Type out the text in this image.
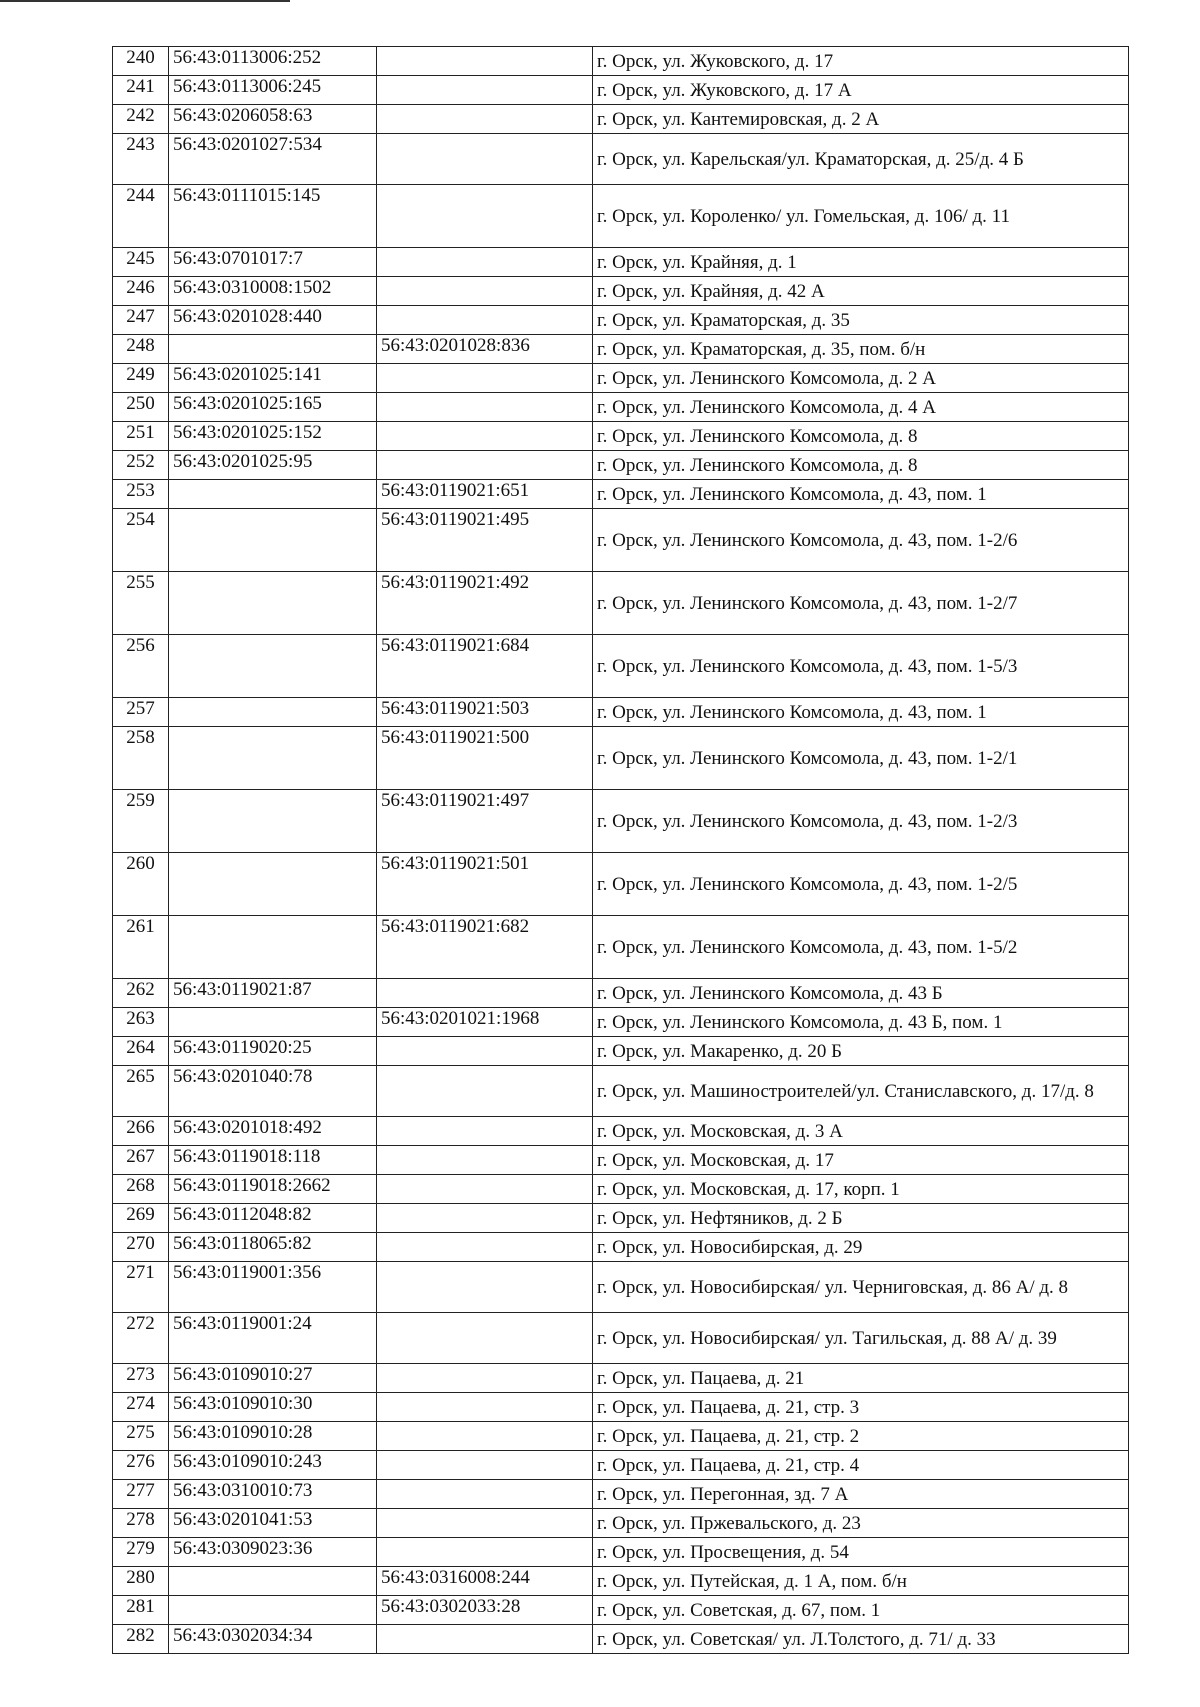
240	56:43:0113006:252		г. Орск, ул. Жуковского, д. 17
241	56:43:0113006:245		г. Орск, ул. Жуковского, д. 17 А
242	56:43:0206058:63		г. Орск, ул. Кантемировская, д. 2 А
243	56:43:0201027:534		г. Орск, ул. Карельская/ул. Краматорская, д. 25/д. 4 Б
244	56:43:0111015:145		г. Орск, ул. Короленко/ ул. Гомельская, д. 106/ д. 11
245	56:43:0701017:7		г. Орск, ул. Крайняя, д. 1
246	56:43:0310008:1502		г. Орск, ул. Крайняя, д. 42 А
247	56:43:0201028:440		г. Орск, ул. Краматорская, д. 35
248		56:43:0201028:836	г. Орск, ул. Краматорская, д. 35, пом. б/н
249	56:43:0201025:141		г. Орск, ул. Ленинского Комсомола, д. 2 А
250	56:43:0201025:165		г. Орск, ул. Ленинского Комсомола, д. 4 А
251	56:43:0201025:152		г. Орск, ул. Ленинского Комсомола, д. 8
252	56:43:0201025:95		г. Орск, ул. Ленинского Комсомола, д. 8
253		56:43:0119021:651	г. Орск, ул. Ленинского Комсомола, д. 43, пом. 1
254		56:43:0119021:495	г. Орск, ул. Ленинского Комсомола, д. 43, пом. 1-2/6
255		56:43:0119021:492	г. Орск, ул. Ленинского Комсомола, д. 43, пом. 1-2/7
256		56:43:0119021:684	г. Орск, ул. Ленинского Комсомола, д. 43, пом. 1-5/3
257		56:43:0119021:503	г. Орск, ул. Ленинского Комсомола, д. 43, пом. 1
258		56:43:0119021:500	г. Орск, ул. Ленинского Комсомола, д. 43, пом. 1-2/1
259		56:43:0119021:497	г. Орск, ул. Ленинского Комсомола, д. 43, пом. 1-2/3
260		56:43:0119021:501	г. Орск, ул. Ленинского Комсомола, д. 43, пом. 1-2/5
261		56:43:0119021:682	г. Орск, ул. Ленинского Комсомола, д. 43, пом. 1-5/2
262	56:43:0119021:87		г. Орск, ул. Ленинского Комсомола, д. 43 Б
263		56:43:0201021:1968	г. Орск, ул. Ленинского Комсомола, д. 43 Б, пом. 1
264	56:43:0119020:25		г. Орск, ул. Макаренко, д. 20 Б
265	56:43:0201040:78		г. Орск, ул. Машиностроителей/ул. Станиславского, д. 17/д. 8
266	56:43:0201018:492		г. Орск, ул. Московская, д. 3 А
267	56:43:0119018:118		г. Орск, ул. Московская, д. 17
268	56:43:0119018:2662		г. Орск, ул. Московская, д. 17, корп. 1
269	56:43:0112048:82		г. Орск, ул. Нефтяников, д. 2 Б
270	56:43:0118065:82		г. Орск, ул. Новосибирская, д. 29
271	56:43:0119001:356		г. Орск, ул. Новосибирская/ ул. Черниговская, д. 86 А/ д. 8
272	56:43:0119001:24		г. Орск, ул. Новосибирская/ ул. Тагильская, д. 88 А/ д. 39
273	56:43:0109010:27		г. Орск, ул. Пацаева, д. 21
274	56:43:0109010:30		г. Орск, ул. Пацаева, д. 21, стр. 3
275	56:43:0109010:28		г. Орск, ул. Пацаева, д. 21, стр. 2
276	56:43:0109010:243		г. Орск, ул. Пацаева, д. 21, стр. 4
277	56:43:0310010:73		г. Орск, ул. Перегонная, зд. 7 А
278	56:43:0201041:53		г. Орск, ул. Пржевальского, д. 23
279	56:43:0309023:36		г. Орск, ул. Просвещения, д. 54
280		56:43:0316008:244	г. Орск, ул. Путейская, д. 1 А, пом. б/н
281		56:43:0302033:28	г. Орск, ул. Советская, д. 67, пом. 1
282	56:43:0302034:34		г. Орск, ул. Советская/ ул. Л.Толстого, д. 71/ д. 33
